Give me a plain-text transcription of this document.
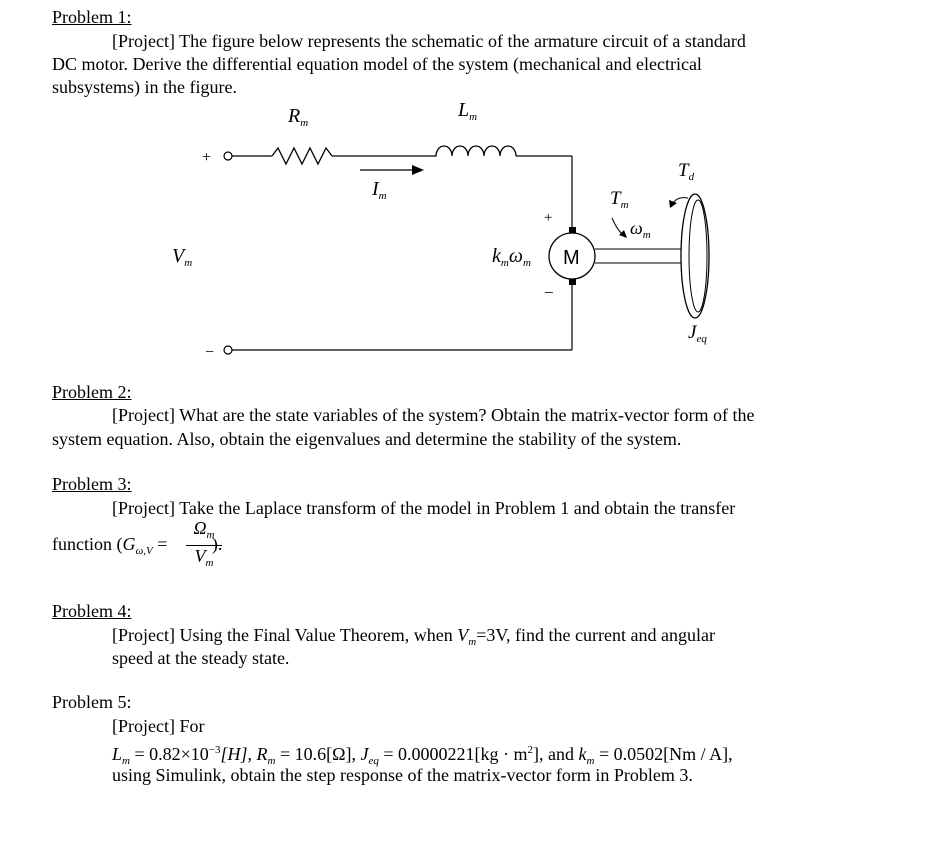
Problem 1:
[Project] The figure below represents the schematic of the armature circuit of a standard
DC motor. Derive the differential equation model of the system (mechanical and electrical
subsystems) in the figure.
+
−
$R_m$
$L_m$
$I_m$
$V_m$
+
−
$k_m\omega_m$ M
$T_m$
$\omega_m$
$T_d$
$J_{eq}$
Problem 2:
[Project] What are the state variables of the system? Obtain the matrix-vector form of the
system equation. Also, obtain the eigenvalues and determine the stability of the system.
Problem 3:
[Project] Take the Laplace transform of the model in Problem 1 and obtain the transfer
function ($G_{\omega,V}$ = ).
$\frac{\Omega_m}{V_m}$
Problem 4:
[Project] Using the Final Value Theorem, when $V_m=3V$, find the current and angular
speed at the steady state.
Problem 5:
[Project] For
$L_m = 0.82\times 10^{-3}[H]$, $R_m = 10.6[\Omega]$, $J_{eq} = 0.0000221[kg \cdot m^2]$, and $k_m = 0.0502[Nm / A]$,
using Simulink, obtain the step response of the matrix-vector form in Problem 3.
